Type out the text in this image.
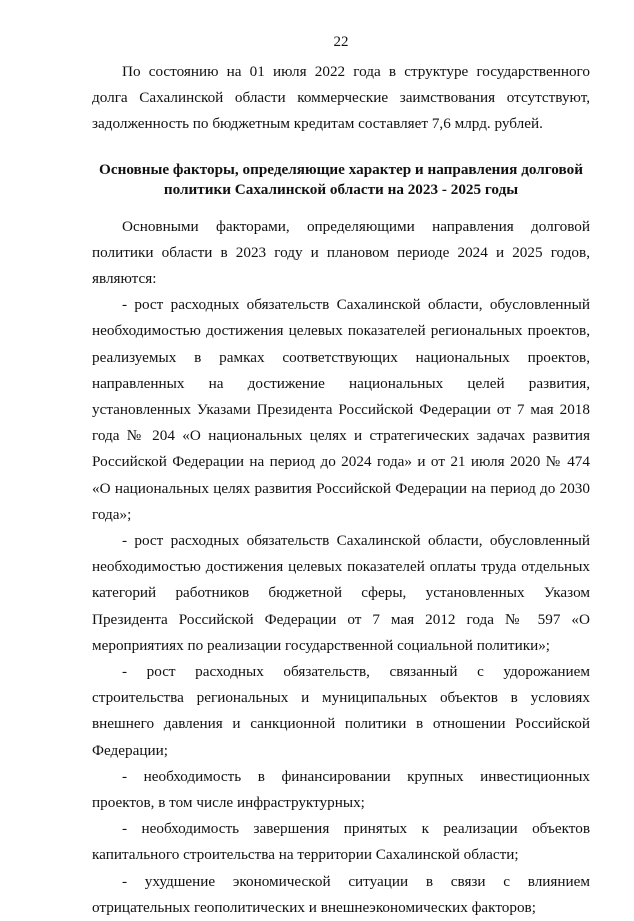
22

По состоянию на 01 июля 2022 года в структуре государственного долга Сахалинской области коммерческие заимствования отсутствуют, задолженность по бюджетным кредитам составляет 7,6 млрд. рублей.

Основные факторы, определяющие характер и направления долговой
политики Сахалинской области на 2023 - 2025 годы

Основными факторами, определяющими направления долговой политики области в 2023 году и плановом периоде 2024 и 2025 годов, являются:

- рост расходных обязательств Сахалинской области, обусловленный необходимостью достижения целевых показателей региональных проектов, реализуемых в рамках соответствующих национальных проектов, направленных на достижение национальных целей развития, установленных Указами Президента Российской Федерации от 7 мая 2018 года № 204 «О национальных целях и стратегических задачах развития Российской Федерации на период до 2024 года» и от 21 июля 2020 № 474 «О национальных целях развития Российской Федерации на период до 2030 года»;

- рост расходных обязательств Сахалинской области, обусловленный необходимостью достижения целевых показателей оплаты труда отдельных категорий работников бюджетной сферы, установленных Указом Президента Российской Федерации от 7 мая 2012 года № 597 «О мероприятиях по реализации государственной социальной политики»;

- рост расходных обязательств, связанный с удорожанием строительства региональных и муниципальных объектов в условиях внешнего давления и санкционной политики в отношении Российской Федерации;

- необходимость в финансировании крупных инвестиционных проектов, в том числе инфраструктурных;

- необходимость завершения принятых к реализации объектов капитального строительства на территории Сахалинской области;

- ухудшение экономической ситуации в связи с влиянием отрицательных геополитических и внешнеэкономических факторов;
